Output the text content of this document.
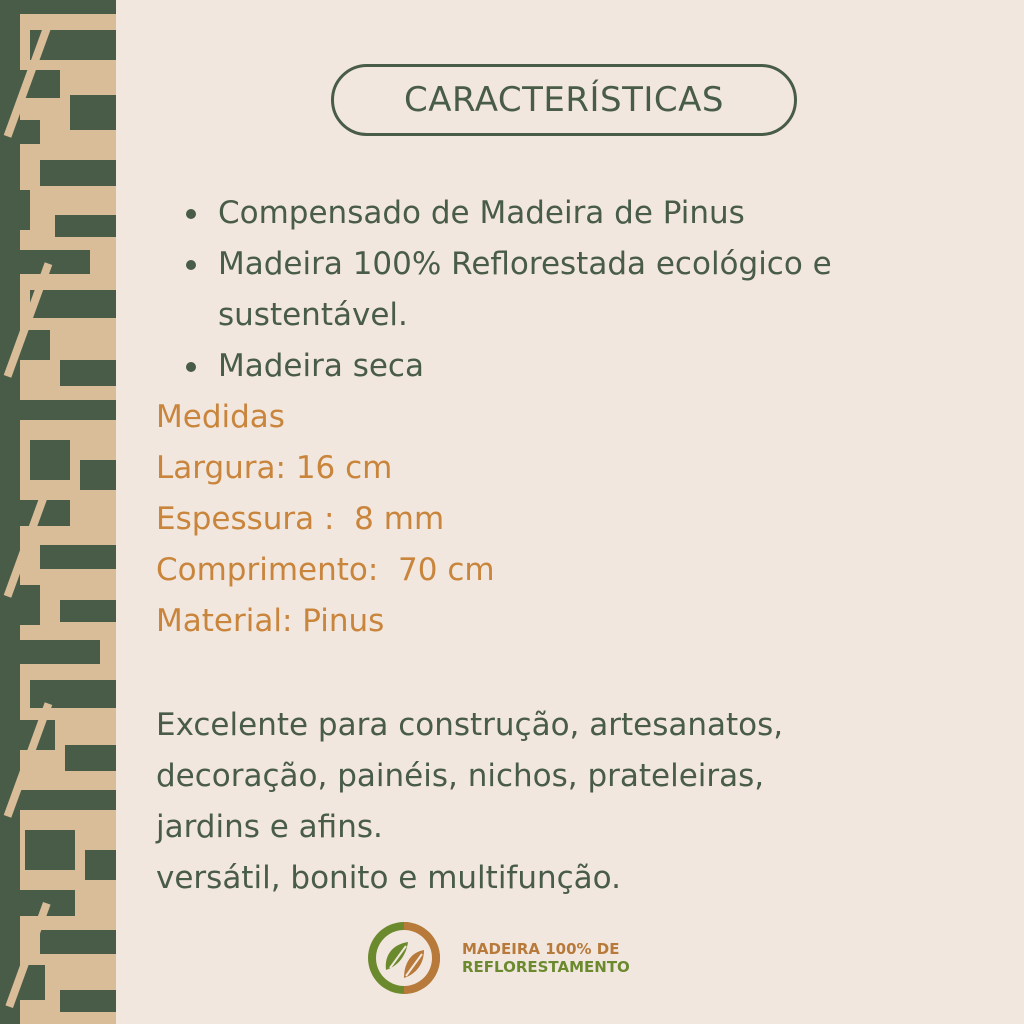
CARACTERÍSTICAS
Compensado de Madeira de Pinus
Madeira 100% Reflorestada ecológico e sustentável.
Madeira seca
Medidas
Largura: 16 cm
Espessura :  8 mm
Comprimento:  70 cm
Material: Pinus
Excelente para construção, artesanatos,
decoração, painéis, nichos, prateleiras,
jardins e afins.
versátil, bonito e multifunção.
MADEIRA 100% DE
REFLORESTAMENTO
